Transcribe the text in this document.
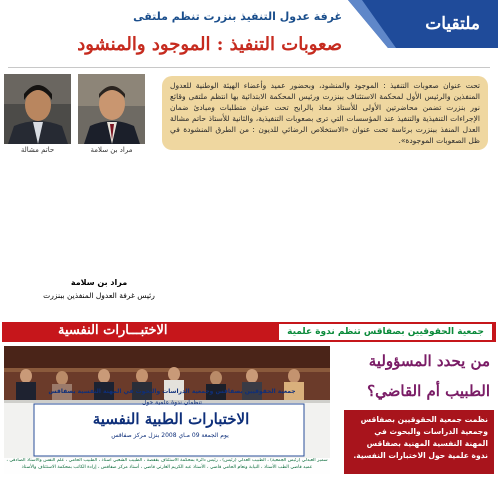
ملتقيات
غرفة عدول التنفيذ بنزرت تنظم ملتقى
صعوبات التنفيذ : الموجود والمنشود
مراد بن سلامة
حاتم مشالة
تحت عنوان صعوبات التنفيذ : الموجود والمنشود، وبحضور عميد وأعضاء الهيئة الوطنية للعدول المنفذين والرئيس الأول لمحكمة الاستئناف ببنزرت ورئيس المحكمة الابتدائية بها انتظم ملتقى وقائع نور بنزرت تضمن محاضرتين الأولى للأستاذ معاذ بالرابح تحت عنوان متطلبات ومبادئ ضمان الإجراءات التنفيذية والتنفيذ عند المؤسسات التي ترى بصعوبات التنفيذية، والثانية للأستاذ حاتم مشالة العدل المنفذ ببنزرت برئاسة تحت عنوان «الاستخلاص الرضائي للديون : من الطرق المنشودة في ظل الصعوبات الموجودة».
مراد بن سلامة
رئيس غرفة العدول المنفذين ببنزرت
الاختبـــارات النفسية	جمعية الحقوقيين بصفاقس تنظم ندوة علمية
جمعية الحقوقيين بصفاقس وجمعية الدراسات والبحوث في المهنة النفسية بصفاقس
تنظمان ندوة علمية حول
الاختبارات الطبية النفسية
يوم الجمعة 09 مـاي 2008 بنزل مركز صفاقس
سمير العبدلي (رئيس الجمعية) ، الطبيب العدلي (رئيس) ، رئيس دائرة بمحكمة الاستئناف بقفصة ، الطبيب الشعبي أستاذ ، الطبيب الحامي ، علم النفس والأستاذ الصادقي ، عميد قاضي الطب الأستاذ ، النيابة ونعام الحامي قاضي ، الأستاذ عبد الكريم الغارتي قاضي ، أستاذ مركز صفاقس ، إرادة الكاتب بمحكمة الاستئناف والأستاذ
من يحدد المسؤولية
الطبيب أم القاضي؟
نظمت جمعية الحقوقيين بصفاقس وجمعية الدراسات والبحوث في المهنة النفسية المهنية بصفاقس ندوة علمية حول الاختبارات النفسية.
